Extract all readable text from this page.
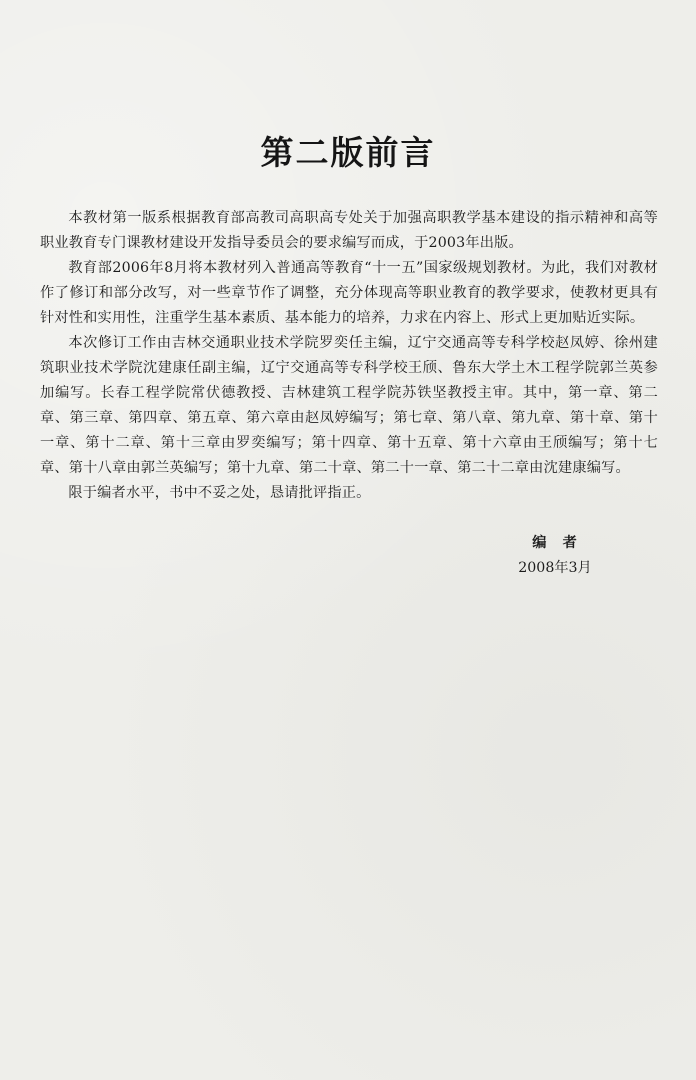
第二版前言

本教材第一版系根据教育部高教司高职高专处关于加强高职教学基本建设的指示精神和高等职业教育专门课教材建设开发指导委员会的要求编写而成，于2003年出版。

教育部2006年8月将本教材列入普通高等教育“十一五”国家级规划教材。为此，我们对教材作了修订和部分改写，对一些章节作了调整，充分体现高等职业教育的教学要求，使教材更具有针对性和实用性，注重学生基本素质、基本能力的培养，力求在内容上、形式上更加贴近实际。

本次修订工作由吉林交通职业技术学院罗奕任主编，辽宁交通高等专科学校赵凤婷、徐州建筑职业技术学院沈建康任副主编，辽宁交通高等专科学校王颀、鲁东大学土木工程学院郭兰英参加编写。长春工程学院常伏德教授、吉林建筑工程学院苏铁坚教授主审。其中，第一章、第二章、第三章、第四章、第五章、第六章由赵凤婷编写；第七章、第八章、第九章、第十章、第十一章、第十二章、第十三章由罗奕编写；第十四章、第十五章、第十六章由王颀编写；第十七章、第十八章由郭兰英编写；第十九章、第二十章、第二十一章、第二十二章由沈建康编写。

限于编者水平，书中不妥之处，恳请批评指正。

编　者
2008年3月
